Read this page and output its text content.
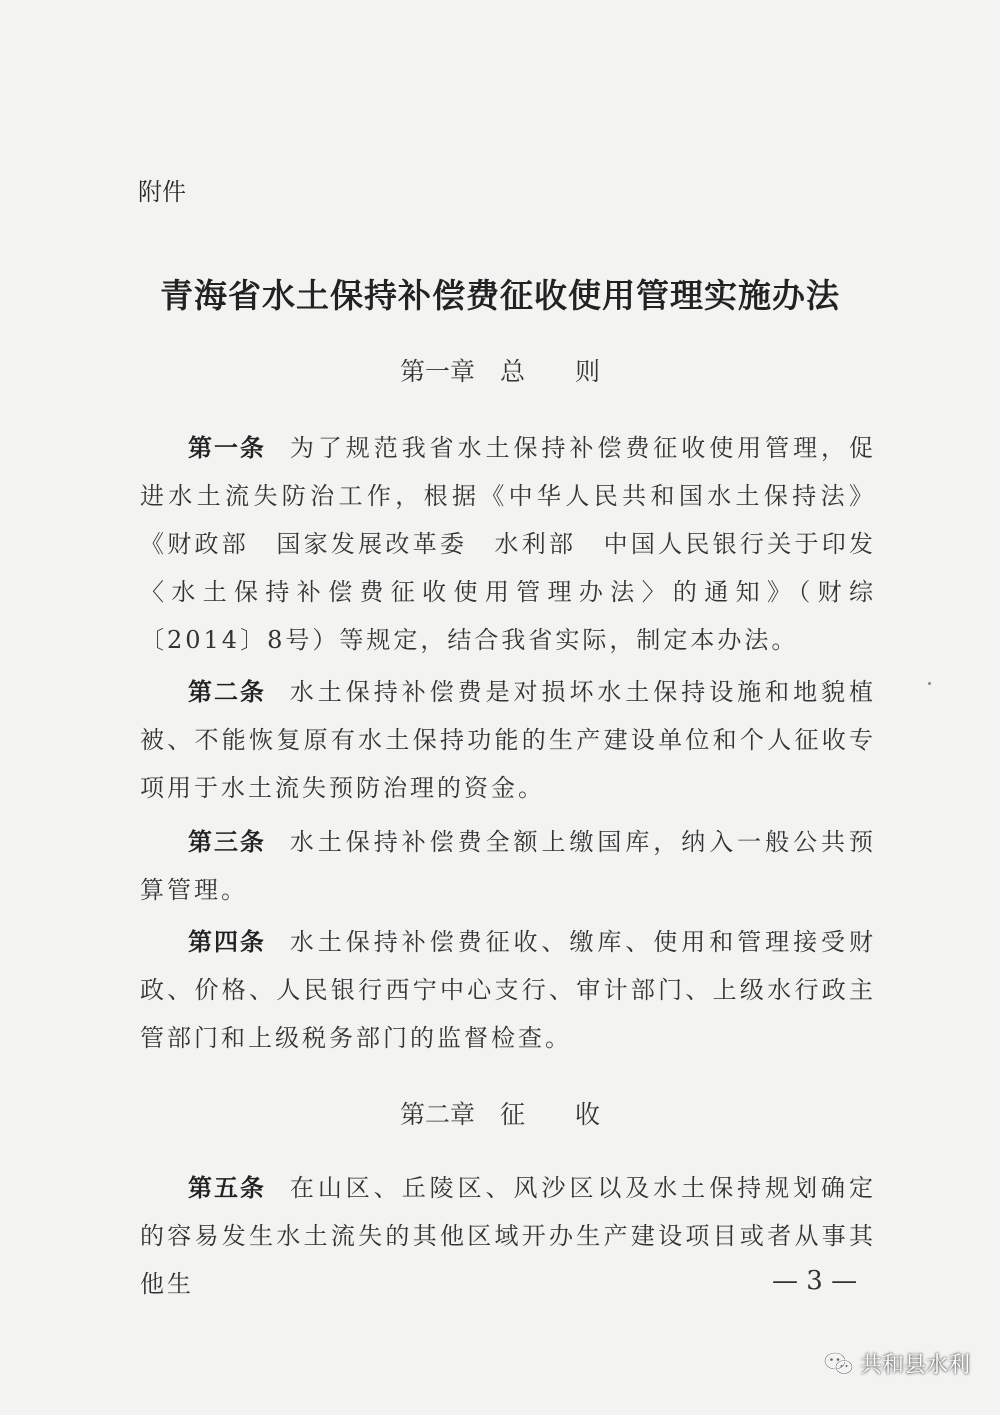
附件
青海省水土保持补偿费征收使用管理实施办法
第一章　总　　则

第一条 为了规范我省水土保持补偿费征收使用管理，促进水土流失防治工作，根据《中华人民共和国水土保持法》《财政部　国家发展改革委　水利部　中国人民银行关于印发〈水土保持补偿费征收使用管理办法〉的通知》（财综〔2014〕8号）等规定，结合我省实际，制定本办法。

第二条 水土保持补偿费是对损坏水土保持设施和地貌植被、不能恢复原有水土保持功能的生产建设单位和个人征收专项用于水土流失预防治理的资金。

第三条 水土保持补偿费全额上缴国库，纳入一般公共预算管理。

第四条 水土保持补偿费征收、缴库、使用和管理接受财政、价格、人民银行西宁中心支行、审计部门、上级水行政主管部门和上级税务部门的监督检查。

第二章　征　　收

第五条 在山区、丘陵区、风沙区以及水土保持规划确定的容易发生水土流失的其他区域开办生产建设项目或者从事其他生	— 3 —
共和县水利
